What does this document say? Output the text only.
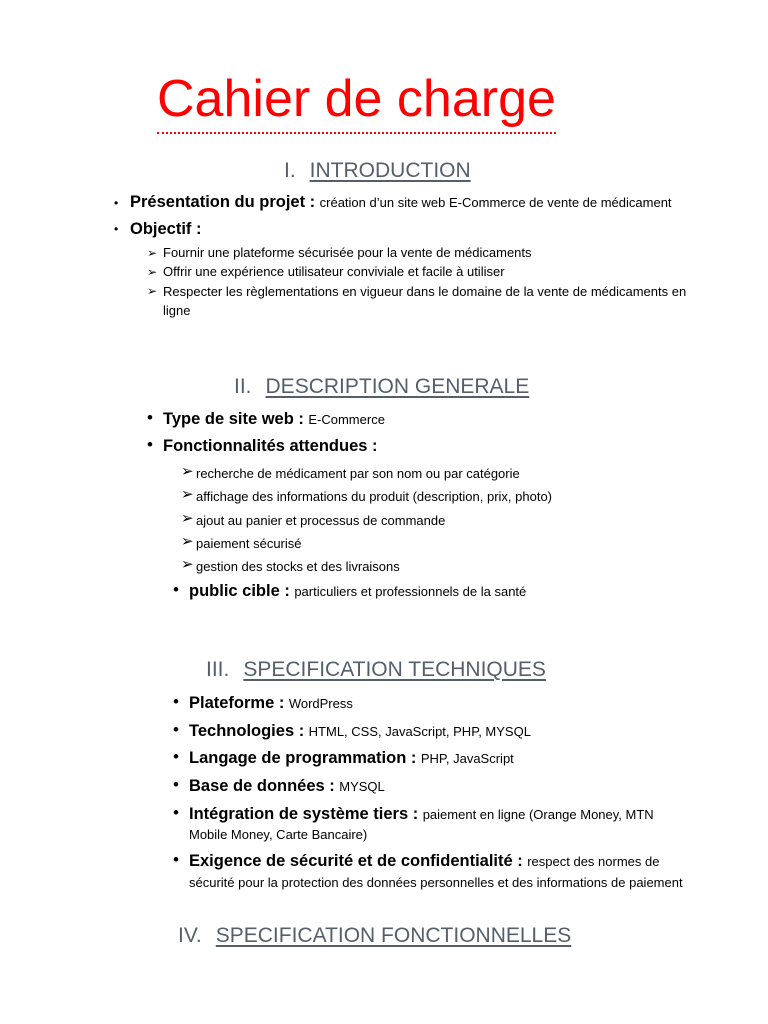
Cahier de charge
I. INTRODUCTION
• Présentation du projet : création d’un site web E-Commerce de vente de médicament
• Objectif :
➢ Fournir une plateforme sécurisée pour la vente de médicaments
➢ Offrir une expérience utilisateur conviviale et facile à utiliser
➢ Respecter les règlementations en vigueur dans le domaine de la vente de médicaments en
ligne
II. DESCRIPTION GENERALE
• Type de site web : E-Commerce
• Fonctionnalités attendues :
➢ recherche de médicament par son nom ou par catégorie
➢ affichage des informations du produit (description, prix, photo)
➢ ajout au panier et processus de commande
➢ paiement sécurisé
➢ gestion des stocks et des livraisons
• public cible : particuliers et professionnels de la santé
III. SPECIFICATION TECHNIQUES
• Plateforme : WordPress
• Technologies : HTML, CSS, JavaScript, PHP, MYSQL
• Langage de programmation : PHP, JavaScript
• Base de données : MYSQL
• Intégration de système tiers : paiement en ligne (Orange Money, MTN
Mobile Money, Carte Bancaire)
• Exigence de sécurité et de confidentialité : respect des normes de
sécurité pour la protection des données personnelles et des informations de paiement
IV. SPECIFICATION FONCTIONNELLES
